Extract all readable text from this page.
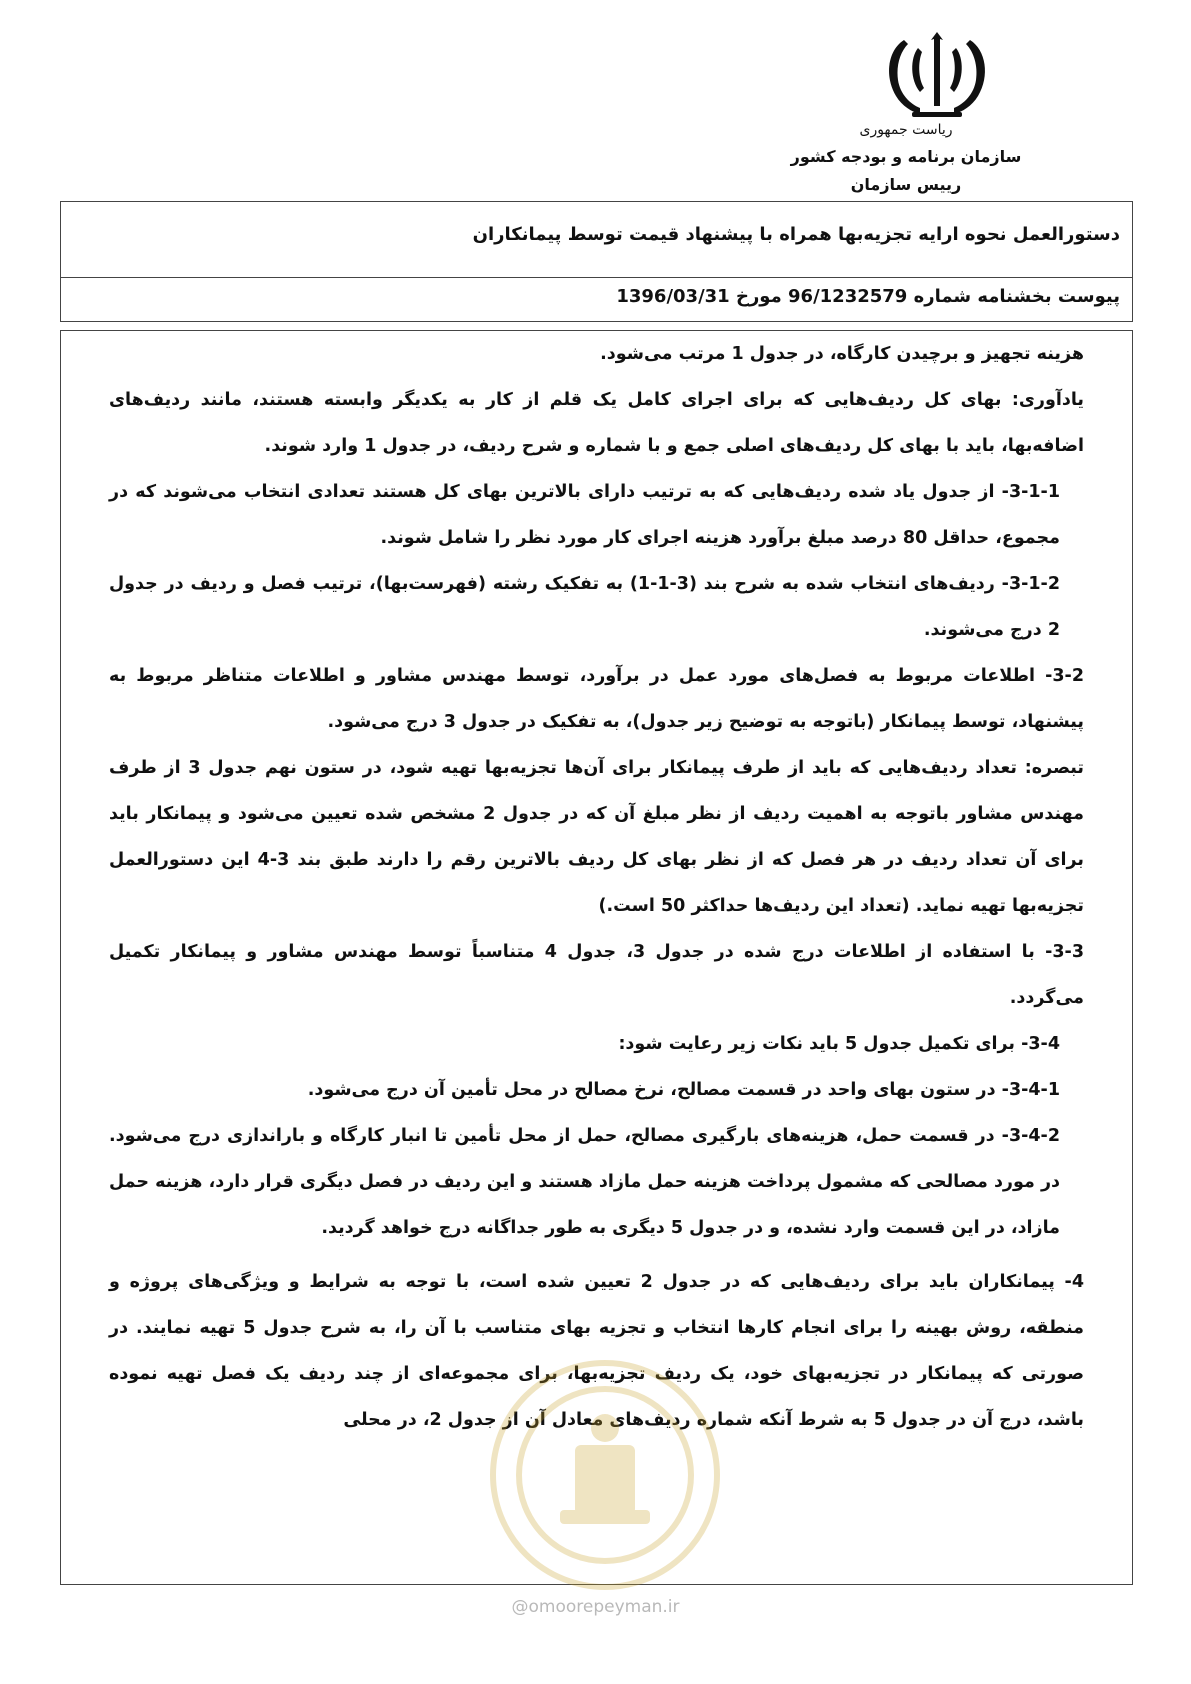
ریاست جمهوری
سازمان برنامه و بودجه کشور
رییس سازمان
دستورالعمل نحوه ارایه تجزیه‌بها همراه با پیشنهاد قیمت توسط پیمانکاران
پیوست بخشنامه شماره 96/1232579 مورخ 1396/03/31

هزینه تجهیز و برچیدن کارگاه، در جدول 1 مرتب می‌شود.

یادآوری: بهای کل ردیف‌هایی که برای اجرای کامل یک قلم از کار به یکدیگر وابسته هستند، مانند ردیف‌های اضافه‌بها، باید با بهای کل ردیف‌های اصلی جمع و با شماره و شرح ردیف، در جدول 1 وارد شوند.

3-1-1- از جدول یاد شده ردیف‌هایی که به ترتیب دارای بالاترین بهای کل هستند تعدادی انتخاب می‌شوند که در مجموع، حداقل 80 درصد مبلغ برآورد هزینه اجرای کار مورد نظر را شامل شوند.

3-1-2- ردیف‌های انتخاب شده به شرح بند (3-1-1) به تفکیک رشته (فهرست‌بها)، ترتیب فصل و ردیف در جدول 2 درج می‌شوند.

3-2- اطلاعات مربوط به فصل‌های مورد عمل در برآورد، توسط مهندس مشاور و اطلاعات متناظر مربوط به پیشنهاد، توسط پیمانکار (باتوجه به توضیح زیر جدول)، به تفکیک در جدول 3 درج می‌شود.

تبصره: تعداد ردیف‌هایی که باید از طرف پیمانکار برای آن‌ها تجزیه‌بها تهیه شود، در ستون نهم جدول 3 از طرف مهندس مشاور باتوجه به اهمیت ردیف از نظر مبلغ آن که در جدول 2 مشخص شده تعیین می‌شود و پیمانکار باید برای آن تعداد ردیف در هر فصل که از نظر بهای کل ردیف بالاترین رقم را دارند طبق بند 3-4 این دستورالعمل تجزیه‌بها تهیه نماید. (تعداد این ردیف‌ها حداکثر 50 است.)

3-3- با استفاده از اطلاعات درج شده در جدول 3، جدول 4 متناسباً توسط مهندس مشاور و پیمانکار تکمیل می‌گردد.

3-4- برای تکمیل جدول 5 باید نکات زیر رعایت شود:

3-4-1- در ستون بهای واحد در قسمت مصالح، نرخ مصالح در محل تأمین آن درج می‌شود.

3-4-2- در قسمت حمل، هزینه‌های بارگیری مصالح، حمل از محل تأمین تا انبار کارگاه و باراندازی درج می‌شود. در مورد مصالحی که مشمول پرداخت هزینه حمل مازاد هستند و این ردیف در فصل دیگری قرار دارد، هزینه حمل مازاد، در این قسمت وارد نشده، و در جدول 5 دیگری به طور جداگانه درج خواهد گردید.

4- پیمانکاران باید برای ردیف‌هایی که در جدول 2 تعیین شده است، با توجه به شرایط و ویژگی‌های پروژه و منطقه، روش بهینه را برای انجام کارها انتخاب و تجزیه بهای متناسب با آن را، به شرح جدول 5 تهیه نمایند. در صورتی که پیمانکار در تجزیه‌بهای خود، یک ردیف تجزیه‌بها، برای مجموعه‌ای از چند ردیف یک فصل تهیه نموده باشد، درج آن در جدول 5 به شرط آنکه شماره ردیف‌های معادل آن از جدول 2، در محلی

@omoorepeyman.ir
